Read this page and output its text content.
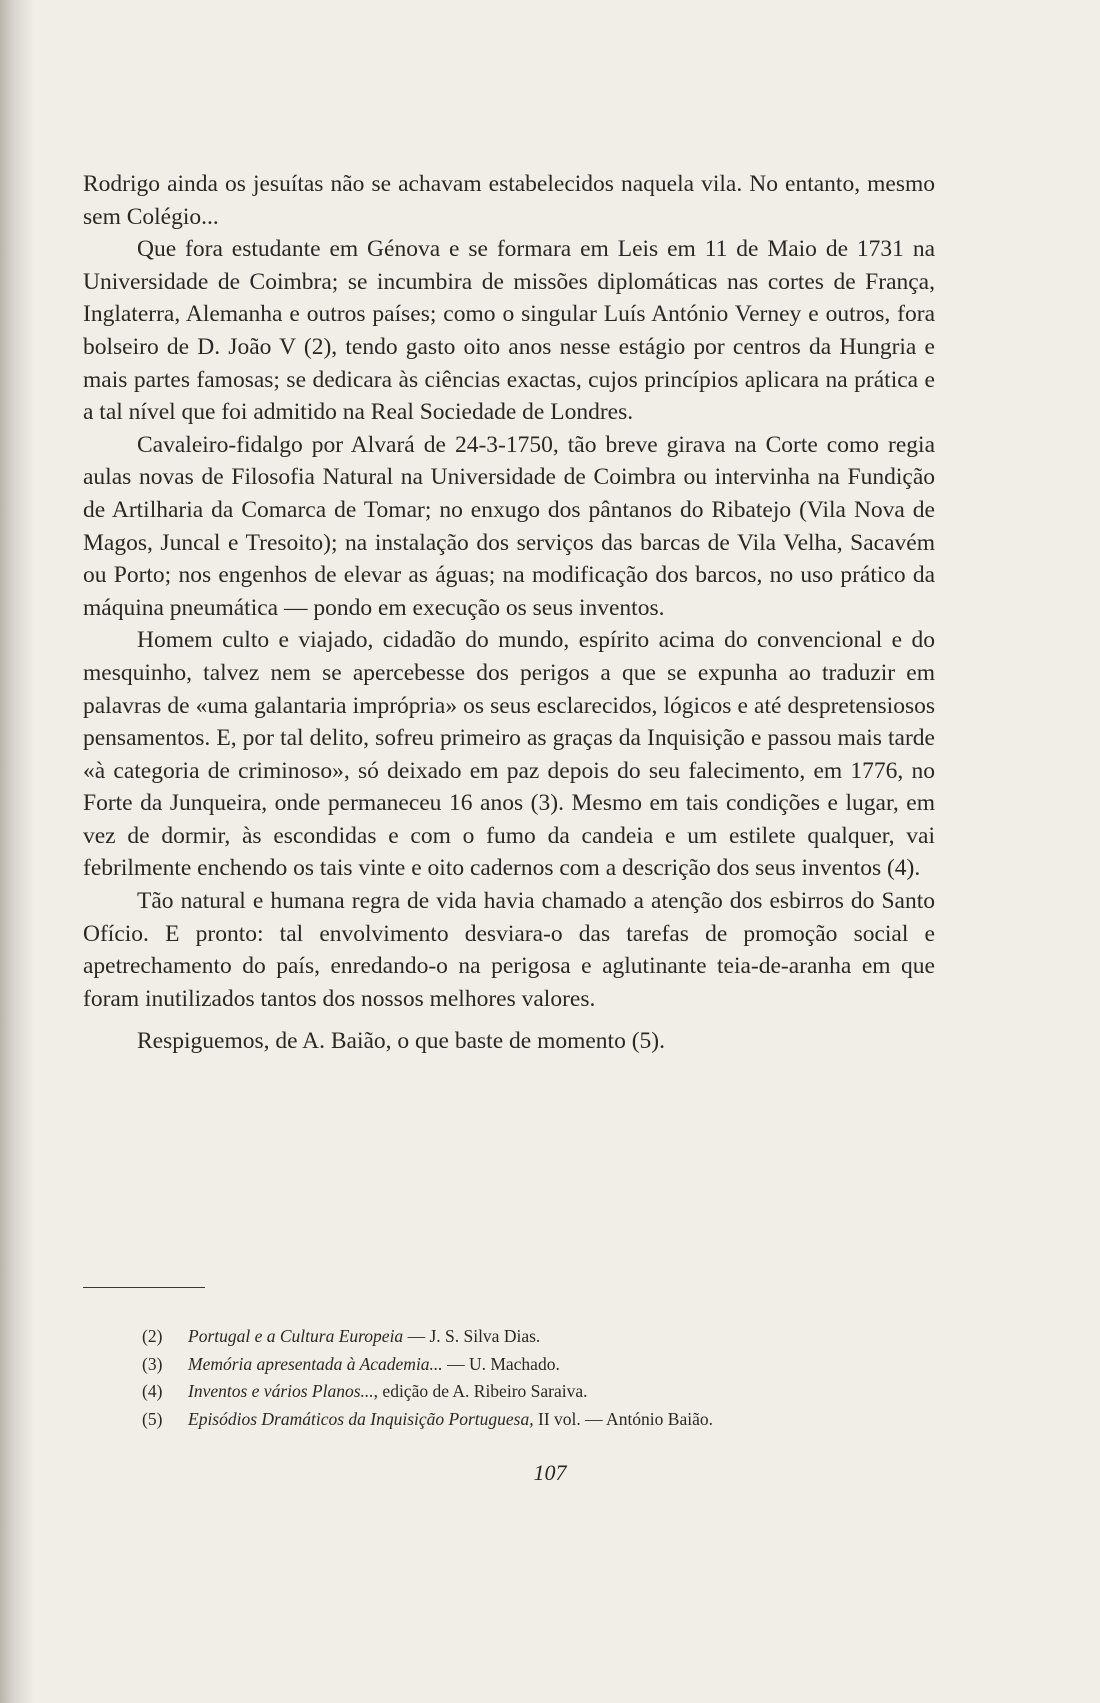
Rodrigo ainda os jesuítas não se achavam estabelecidos naquela vila. No entanto, mesmo sem Colégio...

Que fora estudante em Génova e se formara em Leis em 11 de Maio de 1731 na Universidade de Coimbra; se incumbira de missões diplomáticas nas cortes de França, Inglaterra, Alemanha e outros países; como o singular Luís António Verney e outros, fora bolseiro de D. João V (2), tendo gasto oito anos nesse estágio por centros da Hungria e mais partes famosas; se dedicara às ciências exactas, cujos princípios aplicara na prática e a tal nível que foi admitido na Real Sociedade de Londres.

Cavaleiro-fidalgo por Alvará de 24-3-1750, tão breve girava na Corte como regia aulas novas de Filosofia Natural na Universidade de Coimbra ou intervinha na Fundição de Artilharia da Comarca de Tomar; no enxugo dos pântanos do Ribatejo (Vila Nova de Magos, Juncal e Tresoito); na instalação dos serviços das barcas de Vila Velha, Sacavém ou Porto; nos engenhos de elevar as águas; na modificação dos barcos, no uso prático da máquina pneumática — pondo em execução os seus inventos.

Homem culto e viajado, cidadão do mundo, espírito acima do convencional e do mesquinho, talvez nem se apercebesse dos perigos a que se expunha ao traduzir em palavras de «uma galantaria imprópria» os seus esclarecidos, lógicos e até despretensiosos pensamentos. E, por tal delito, sofreu primeiro as graças da Inquisição e passou mais tarde «à categoria de criminoso», só deixado em paz depois do seu falecimento, em 1776, no Forte da Junqueira, onde permaneceu 16 anos (3). Mesmo em tais condições e lugar, em vez de dormir, às escondidas e com o fumo da candeia e um estilete qualquer, vai febrilmente enchendo os tais vinte e oito cadernos com a descrição dos seus inventos (4).

Tão natural e humana regra de vida havia chamado a atenção dos esbirros do Santo Ofício. E pronto: tal envolvimento desviara-o das tarefas de promoção social e apetrechamento do país, enredando-o na perigosa e aglutinante teia-de-aranha em que foram inutilizados tantos dos nossos melhores valores.

Respiguemos, de A. Baião, o que baste de momento (5).

(2) Portugal e a Cultura Europeia — J. S. Silva Dias.
(3) Memória apresentada à Academia... — U. Machado.
(4) Inventos e vários Planos..., edição de A. Ribeiro Saraiva.
(5) Episódios Dramáticos da Inquisição Portuguesa, II vol. — António Baião.
107
